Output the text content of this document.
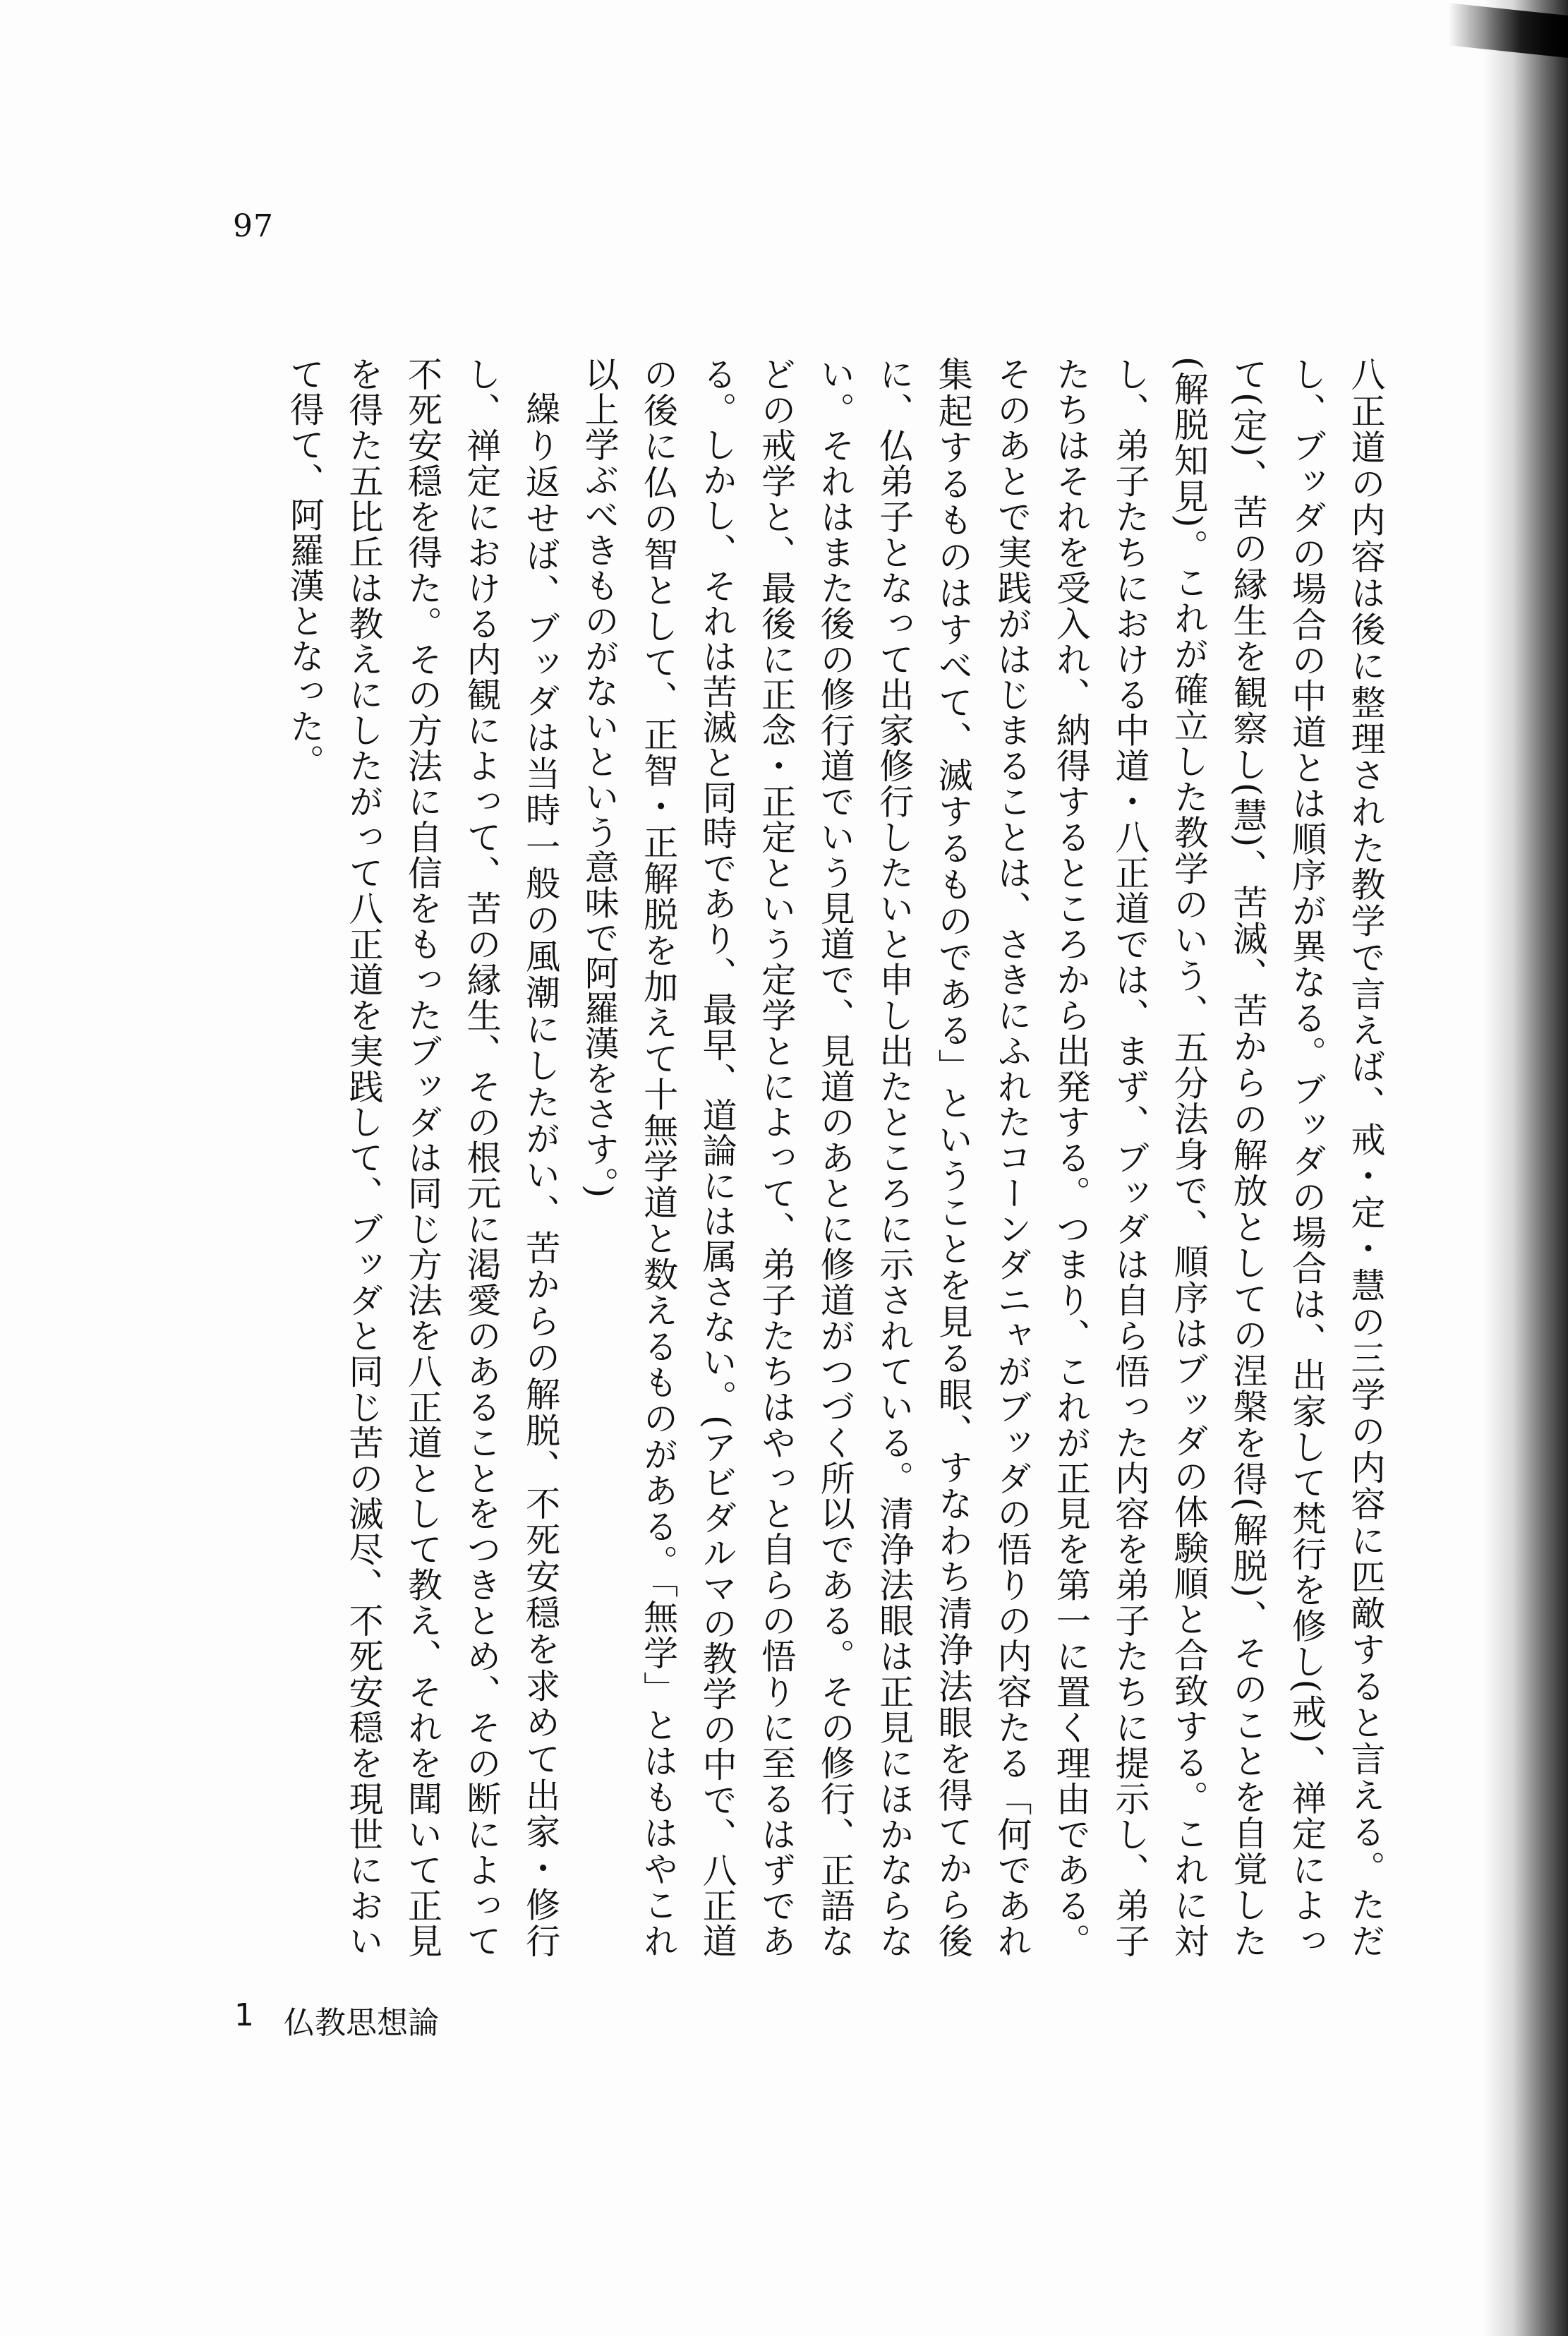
97

八正道の内容は後に整理された教学で言えば、戒・定・慧の三学の内容に匹敵すると言える。ただし、ブッダの場合の中道とは順序が異なる。ブッダの場合は、出家して梵行を修し(戒)、禅定によって(定)、苦の縁生を観察し(慧)、苦滅、苦からの解放としての涅槃を得(解脱)、そのことを自覚した(解脱知見)。これが確立した教学のいう、五分法身で、順序はブッダの体験順と合致する。これに対し、弟子たちにおける中道・八正道では、まず、ブッダは自ら悟った内容を弟子たちに提示し、弟子たちはそれを受入れ、納得するところから出発する。つまり、これが正見を第一に置く理由である。そのあとで実践がはじまることは、さきにふれたコーンダニャがブッダの悟りの内容たる「何であれ集起するものはすべて、滅するものである」ということを見る眼、すなわち清浄法眼を得てから後に、仏弟子となって出家修行したいと申し出たところに示されている。清浄法眼は正見にほかならない。それはまた後の修行道でいう見道で、見道のあとに修道がつづく所以である。その修行、正語などの戒学と、最後に正念・正定という定学とによって、弟子たちはやっと自らの悟りに至るはずである。しかし、それは苦滅と同時であり、最早、道論には属さない。(アビダルマの教学の中で、八正道の後に仏の智として、正智・正解脱を加えて十無学道と数えるものがある。「無学」とはもはやこれ以上学ぶべきものがないという意味で阿羅漢をさす。)

繰り返せば、ブッダは当時一般の風潮にしたがい、苦からの解脱、不死安穏を求めて出家・修行し、禅定における内観によって、苦の縁生、その根元に渇愛のあることをつきとめ、その断によって不死安穏を得た。その方法に自信をもったブッダは同じ方法を八正道として教え、それを聞いて正見を得た五比丘は教えにしたがって八正道を実践して、ブッダと同じ苦の滅尽、不死安穏を現世において得て、阿羅漢となった。

1 仏教思想論
